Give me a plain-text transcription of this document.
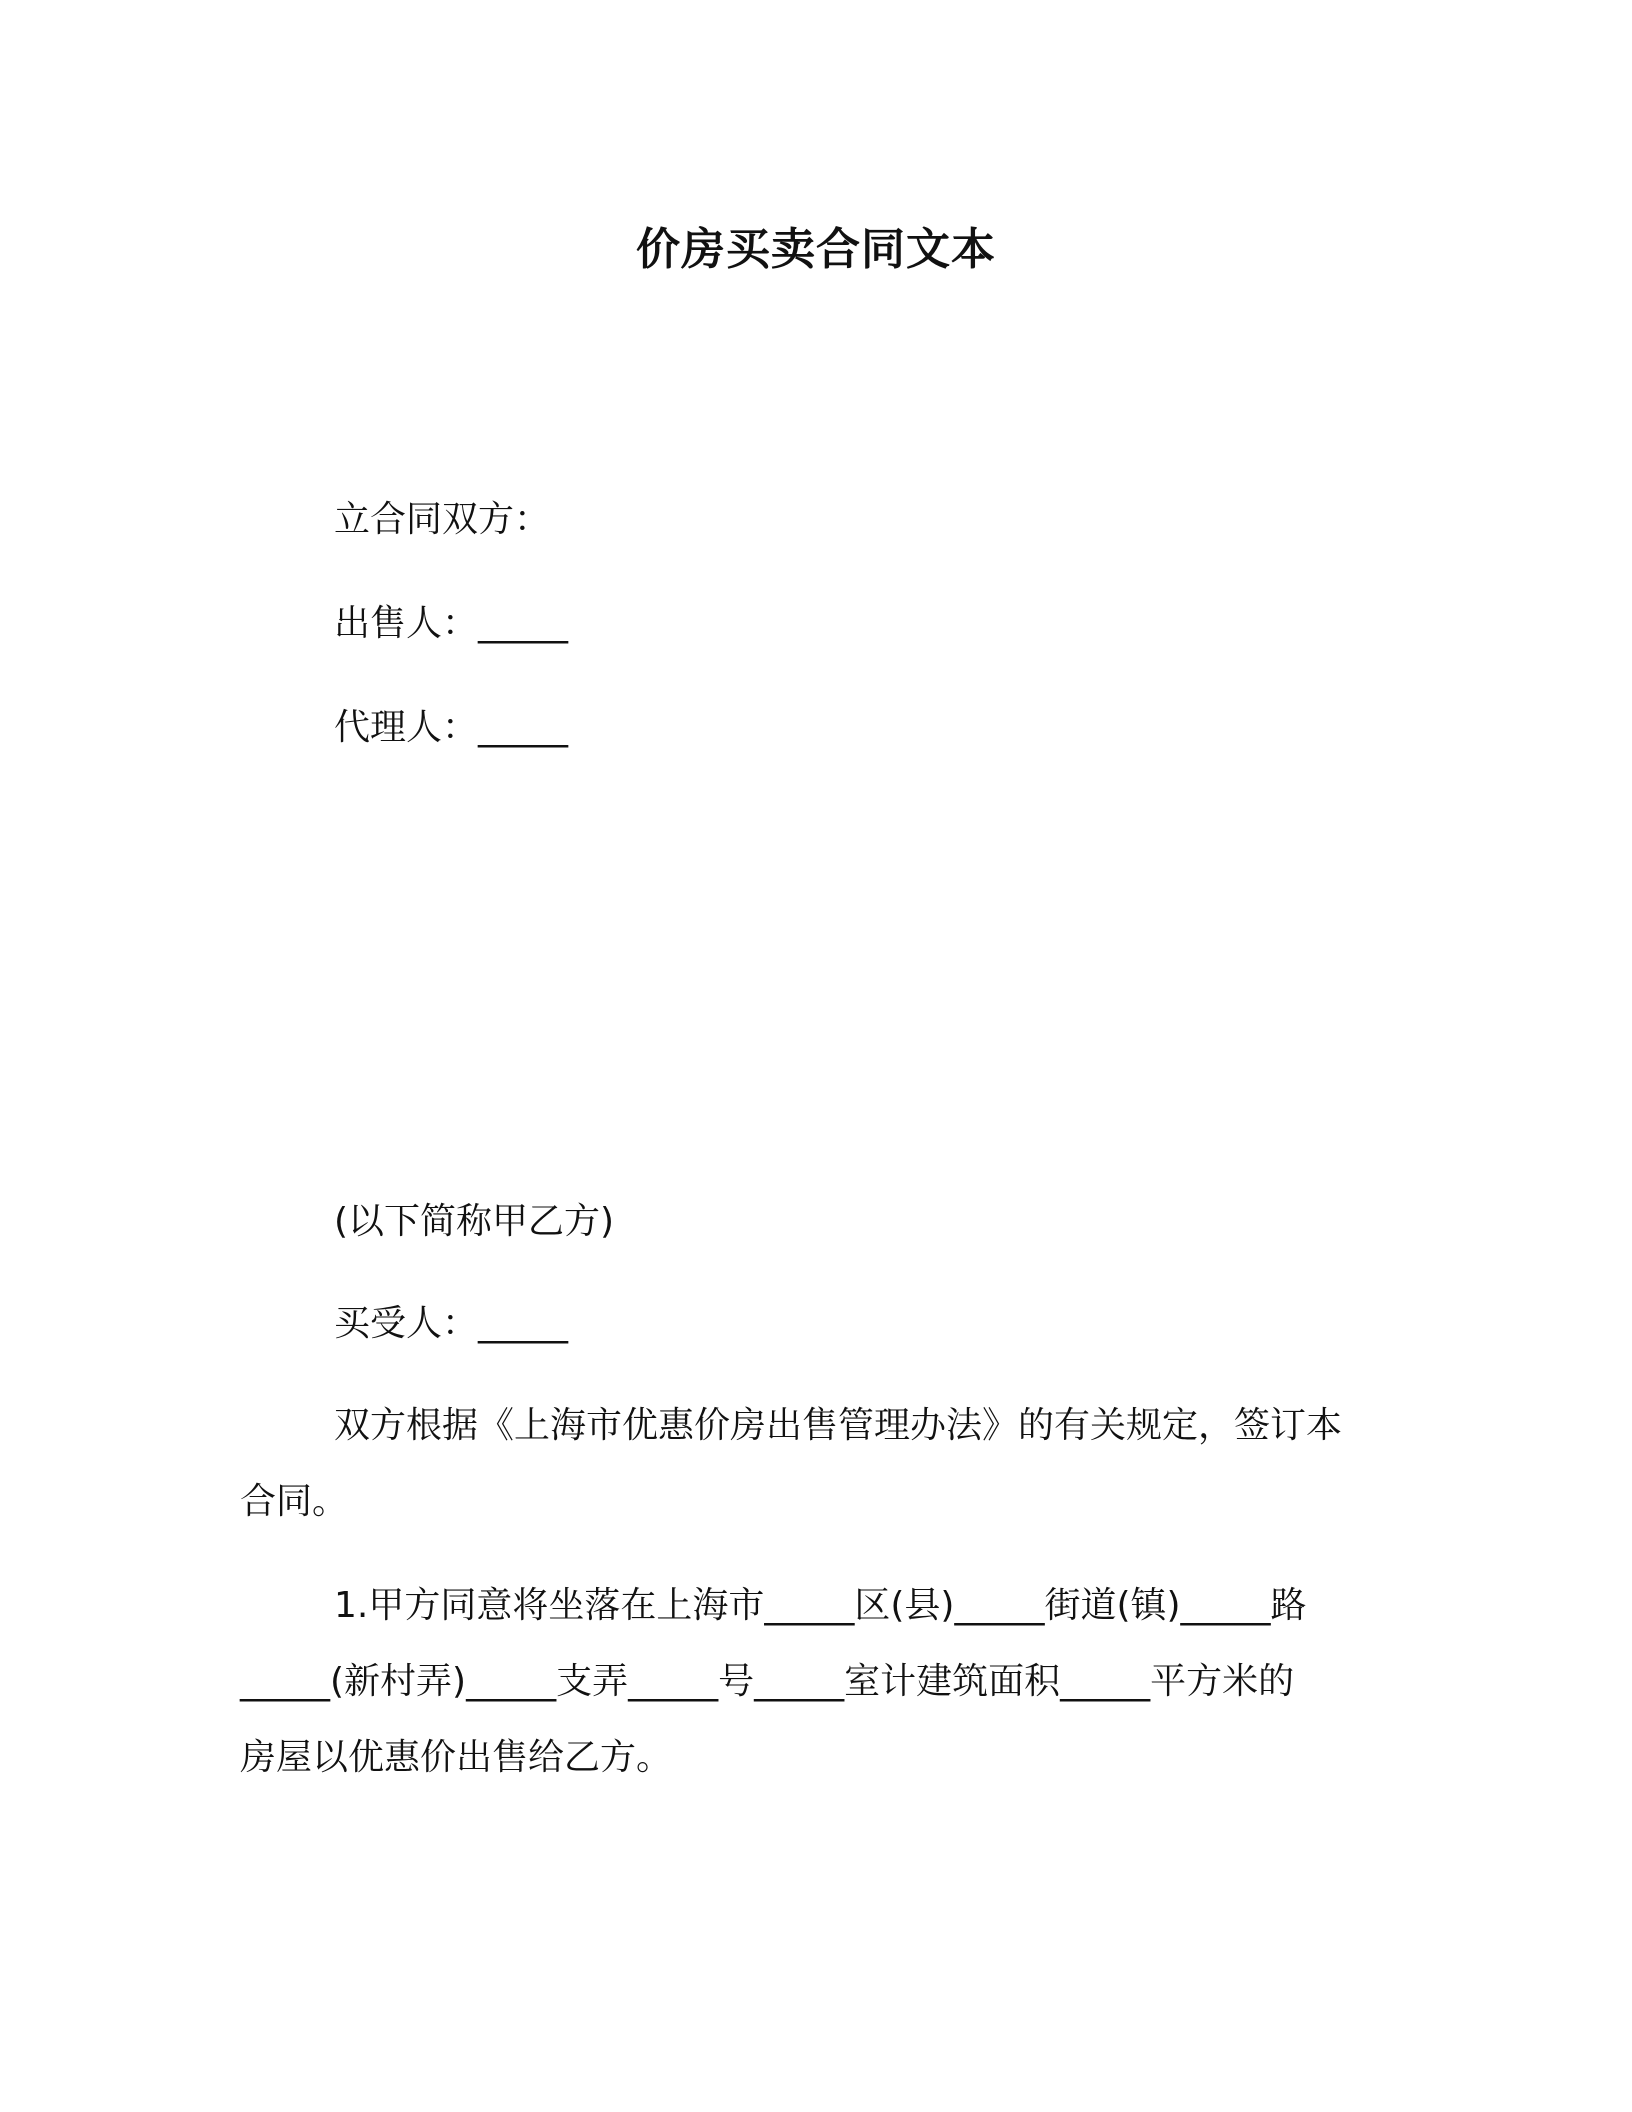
价房买卖合同文本
立合同双方：
出售人：_____
代理人：_____
(以下简称甲乙方)
买受人：_____
双方根据《上海市优惠价房出售管理办法》的有关规定，签订本
合同。
1.甲方同意将坐落在上海市_____区(县)_____街道(镇)_____路
_____(新村弄)_____支弄_____号_____室计建筑面积_____平方米的
房屋以优惠价出售给乙方。
